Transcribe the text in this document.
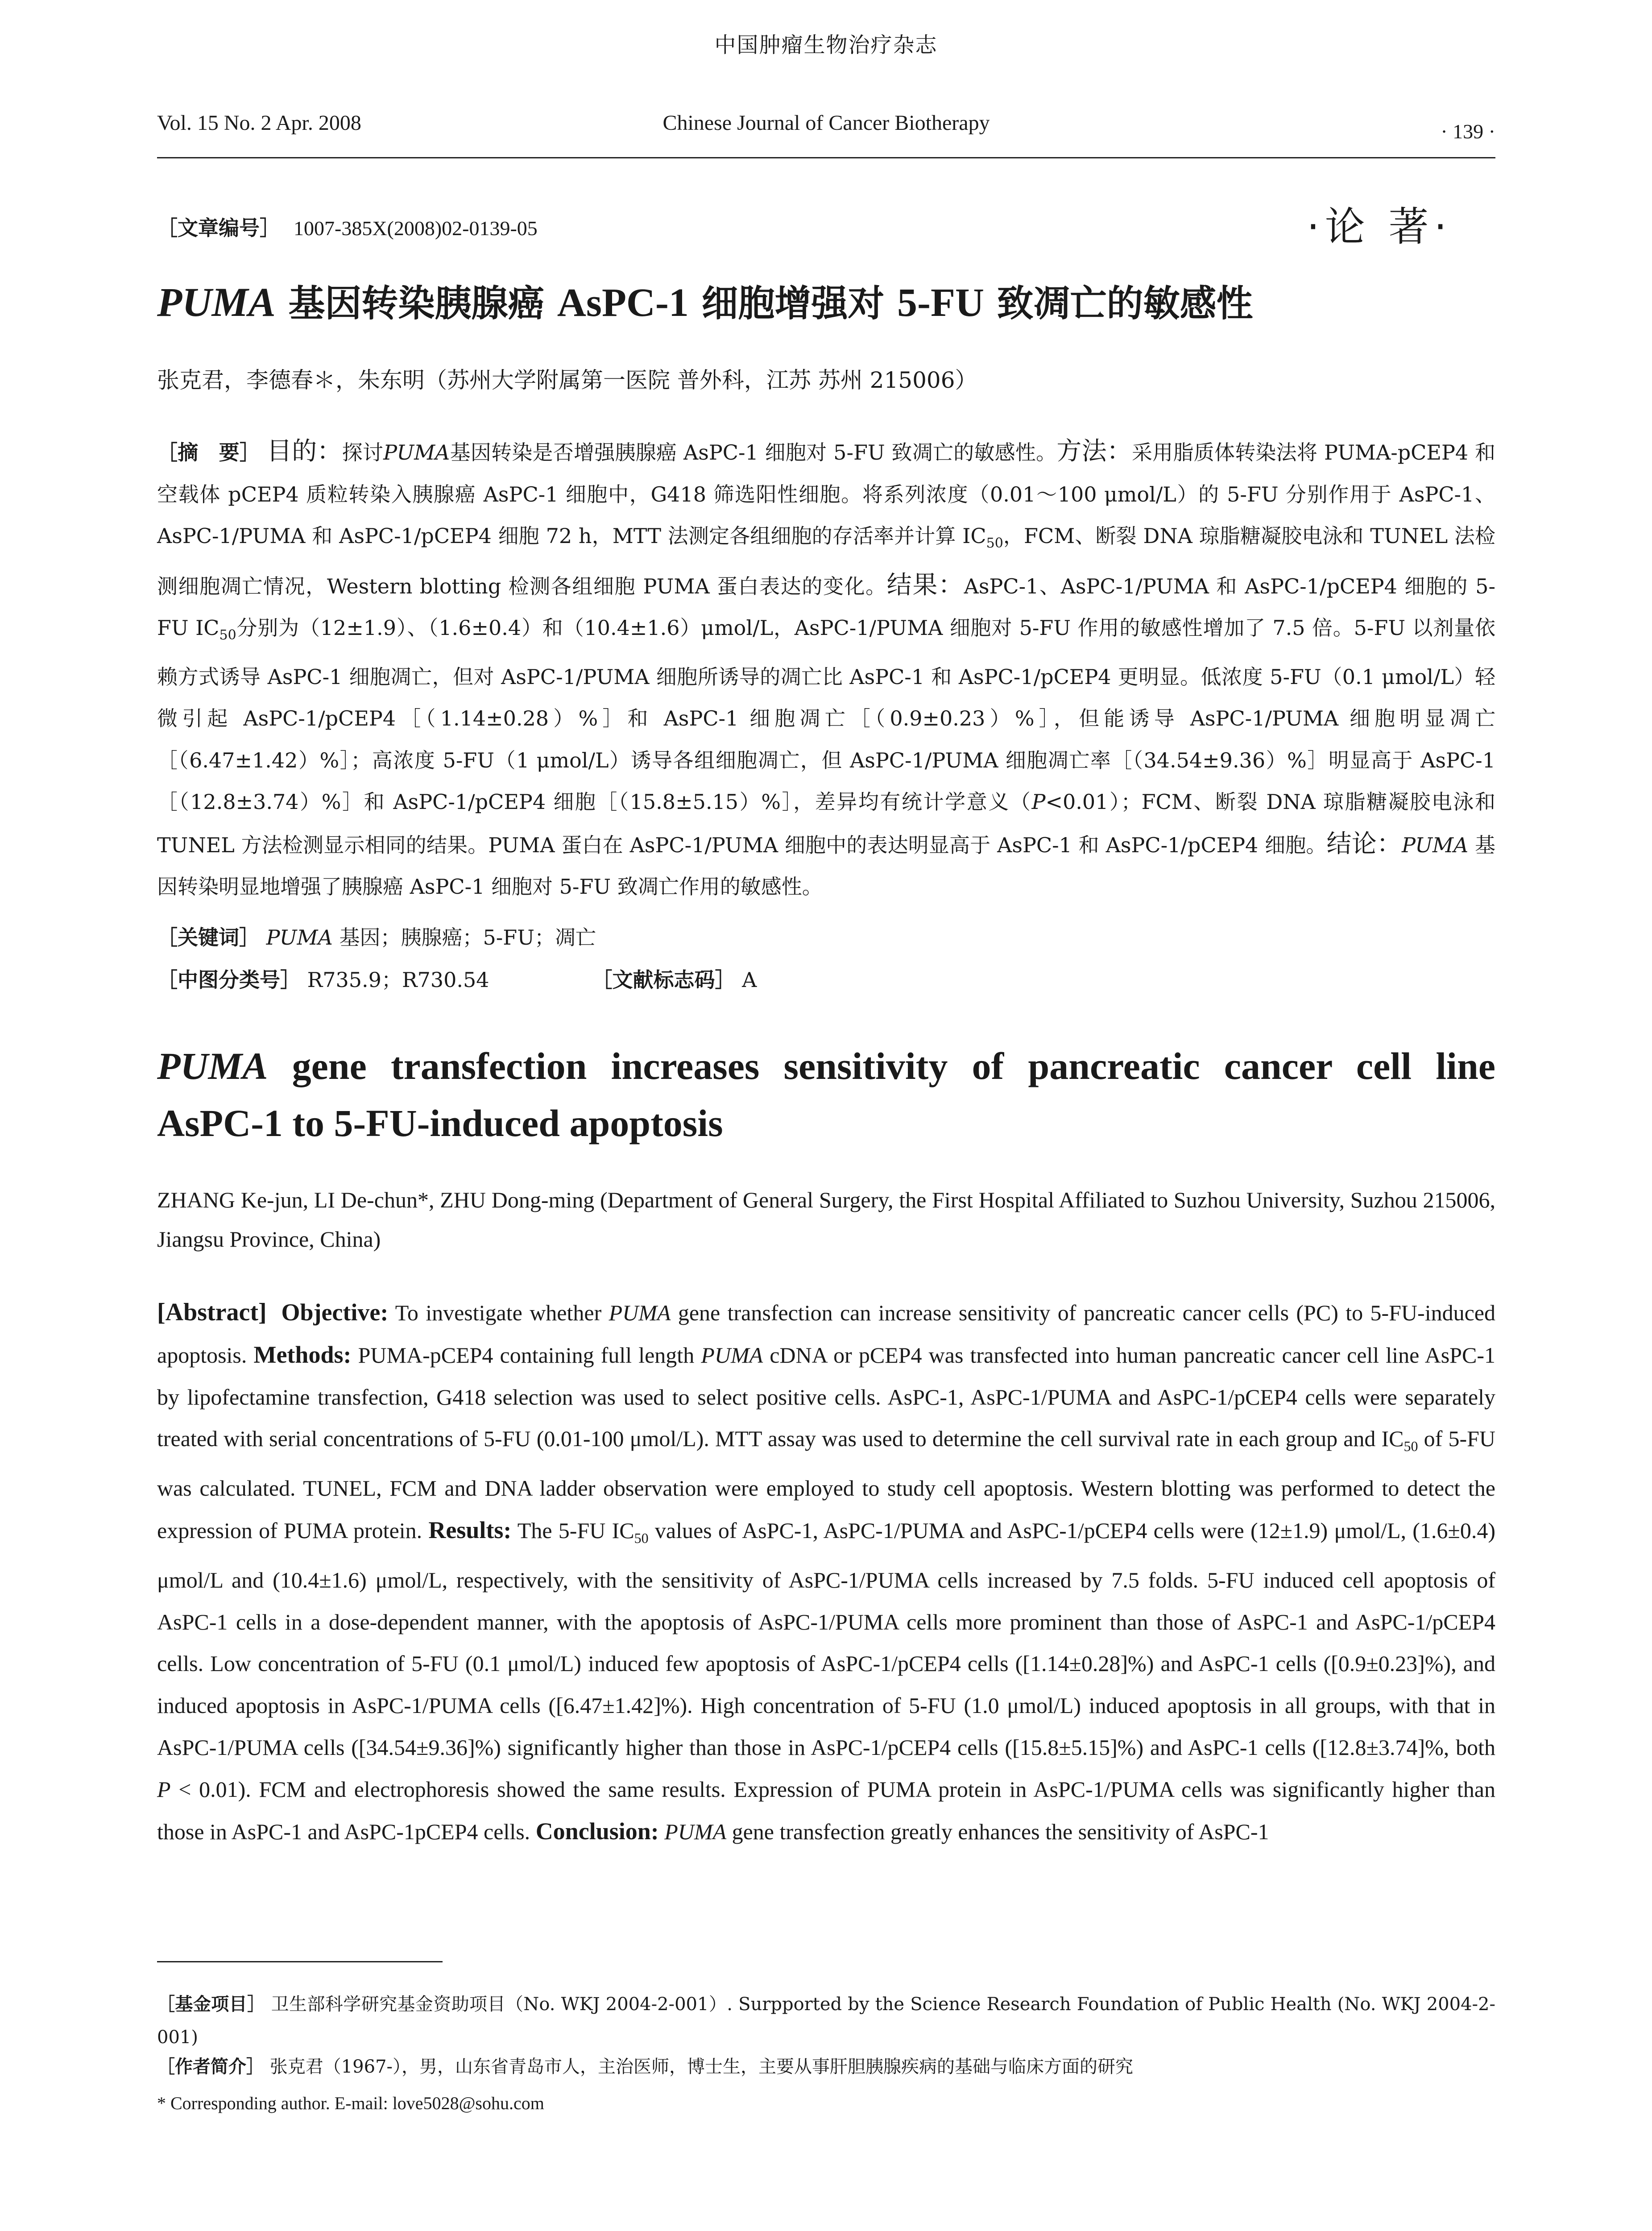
中国肿瘤生物治疗杂志
Vol. 15 No. 2 Apr. 2008	Chinese Journal of Cancer Biotherapy	· 139 ·
［文章编号］ 1007-385X(2008)02-0139-05	·论 著·
PUMA 基因转染胰腺癌 AsPC-1 细胞增强对 5-FU 致凋亡的敏感性
张克君，李德春＊，朱东明（苏州大学附属第一医院 普外科，江苏 苏州 215006）
［摘　要］ 目的：探讨PUMA基因转染是否增强胰腺癌 AsPC-1 细胞对 5-FU 致凋亡的敏感性。方法：采用脂质体转染法将 PUMA-pCEP4 和空载体 pCEP4 质粒转染入胰腺癌 AsPC-1 细胞中，G418 筛选阳性细胞。将系列浓度（0.01～100 μmol/L）的 5-FU 分别作用于 AsPC-1、AsPC-1/PUMA 和 AsPC-1/pCEP4 细胞 72 h，MTT 法测定各组细胞的存活率并计算 $IC_{50}$，FCM、断裂 DNA 琼脂糖凝胶电泳和 TUNEL 法检测细胞凋亡情况，Western blotting 检测各组细胞 PUMA 蛋白表达的变化。结果：AsPC-1、AsPC-1/PUMA 和 AsPC-1/pCEP4 细胞的 5-FU $IC_{50}$分别为（12±1.9）、（1.6±0.4）和（10.4±1.6）μmol/L，AsPC-1/PUMA 细胞对 5-FU 作用的敏感性增加了 7.5 倍。5-FU 以剂量依赖方式诱导 AsPC-1 细胞凋亡，但对 AsPC-1/PUMA 细胞所诱导的凋亡比 AsPC-1 和 AsPC-1/pCEP4 更明显。低浓度 5-FU（0.1 μmol/L）轻微引起 AsPC-1/pCEP4［（1.14±0.28）%］和 AsPC-1 细胞凋亡［（0.9±0.23）%］，但能诱导 AsPC-1/PUMA 细胞明显凋亡［（6.47±1.42）%］；高浓度 5-FU（1 μmol/L）诱导各组细胞凋亡，但 AsPC-1/PUMA 细胞凋亡率［（34.54±9.36）%］明显高于 AsPC-1［（12.8±3.74）%］和 AsPC-1/pCEP4 细胞［（15.8±5.15）%］，差异均有统计学意义（P<0.01）；FCM、断裂 DNA 琼脂糖凝胶电泳和 TUNEL 方法检测显示相同的结果。PUMA 蛋白在 AsPC-1/PUMA 细胞中的表达明显高于 AsPC-1 和 AsPC-1/pCEP4 细胞。结论：PUMA 基因转染明显地增强了胰腺癌 AsPC-1 细胞对 5-FU 致凋亡作用的敏感性。
［关键词］ PUMA 基因；胰腺癌；5-FU；凋亡
［中图分类号］ R735.9；R730.54	［文献标志码］ A
PUMA gene transfection increases sensitivity of pancreatic cancer cell line
AsPC-1 to 5-FU-induced apoptosis
ZHANG Ke-jun, LI De-chun*, ZHU Dong-ming (Department of General Surgery, the First Hospital Affiliated to Suzhou University, Suzhou 215006, Jiangsu Province, China)
[Abstract] Objective: To investigate whether PUMA gene transfection can increase sensitivity of pancreatic cancer cells (PC) to 5-FU-induced apoptosis. Methods: PUMA-pCEP4 containing full length PUMA cDNA or pCEP4 was transfected into human pancreatic cancer cell line AsPC-1 by lipofectamine transfection, G418 selection was used to select positive cells. AsPC-1, AsPC-1/PUMA and AsPC-1/pCEP4 cells were separately treated with serial concentrations of 5-FU (0.01-100 μmol/L). MTT assay was used to determine the cell survival rate in each group and $IC_{50}$ of 5-FU was calculated. TUNEL, FCM and DNA ladder observation were employed to study cell apoptosis. Western blotting was performed to detect the expression of PUMA protein. Results: The 5-FU $IC_{50}$ values of AsPC-1, AsPC-1/PUMA and AsPC-1/pCEP4 cells were (12±1.9) μmol/L, (1.6±0.4) μmol/L and (10.4±1.6) μmol/L, respectively, with the sensitivity of AsPC-1/PUMA cells increased by 7.5 folds. 5-FU induced cell apoptosis of AsPC-1 cells in a dose-dependent manner, with the apoptosis of AsPC-1/PUMA cells more prominent than those of AsPC-1 and AsPC-1/pCEP4 cells. Low concentration of 5-FU (0.1 μmol/L) induced few apoptosis of AsPC-1/pCEP4 cells ([1.14±0.28]%) and AsPC-1 cells ([0.9±0.23]%), and induced apoptosis in AsPC-1/PUMA cells ([6.47±1.42]%). High concentration of 5-FU (1.0 μmol/L) induced apoptosis in all groups, with that in AsPC-1/PUMA cells ([34.54±9.36]%) significantly higher than those in AsPC-1/pCEP4 cells ([15.8±5.15]%) and AsPC-1 cells ([12.8±3.74]%, both P < 0.01). FCM and electrophoresis showed the same results. Expression of PUMA protein in AsPC-1/PUMA cells was significantly higher than those in AsPC-1 and AsPC-1pCEP4 cells. Conclusion: PUMA gene transfection greatly enhances the sensitivity of AsPC-1
［基金项目］ 卫生部科学研究基金资助项目（No. WKJ 2004-2-001）. Surpported by the Science Research Foundation of Public Health (No. WKJ 2004-2-001)
［作者简介］ 张克君（1967-），男，山东省青岛市人，主治医师，博士生，主要从事肝胆胰腺疾病的基础与临床方面的研究
* Corresponding author. E-mail: love5028@sohu.com
